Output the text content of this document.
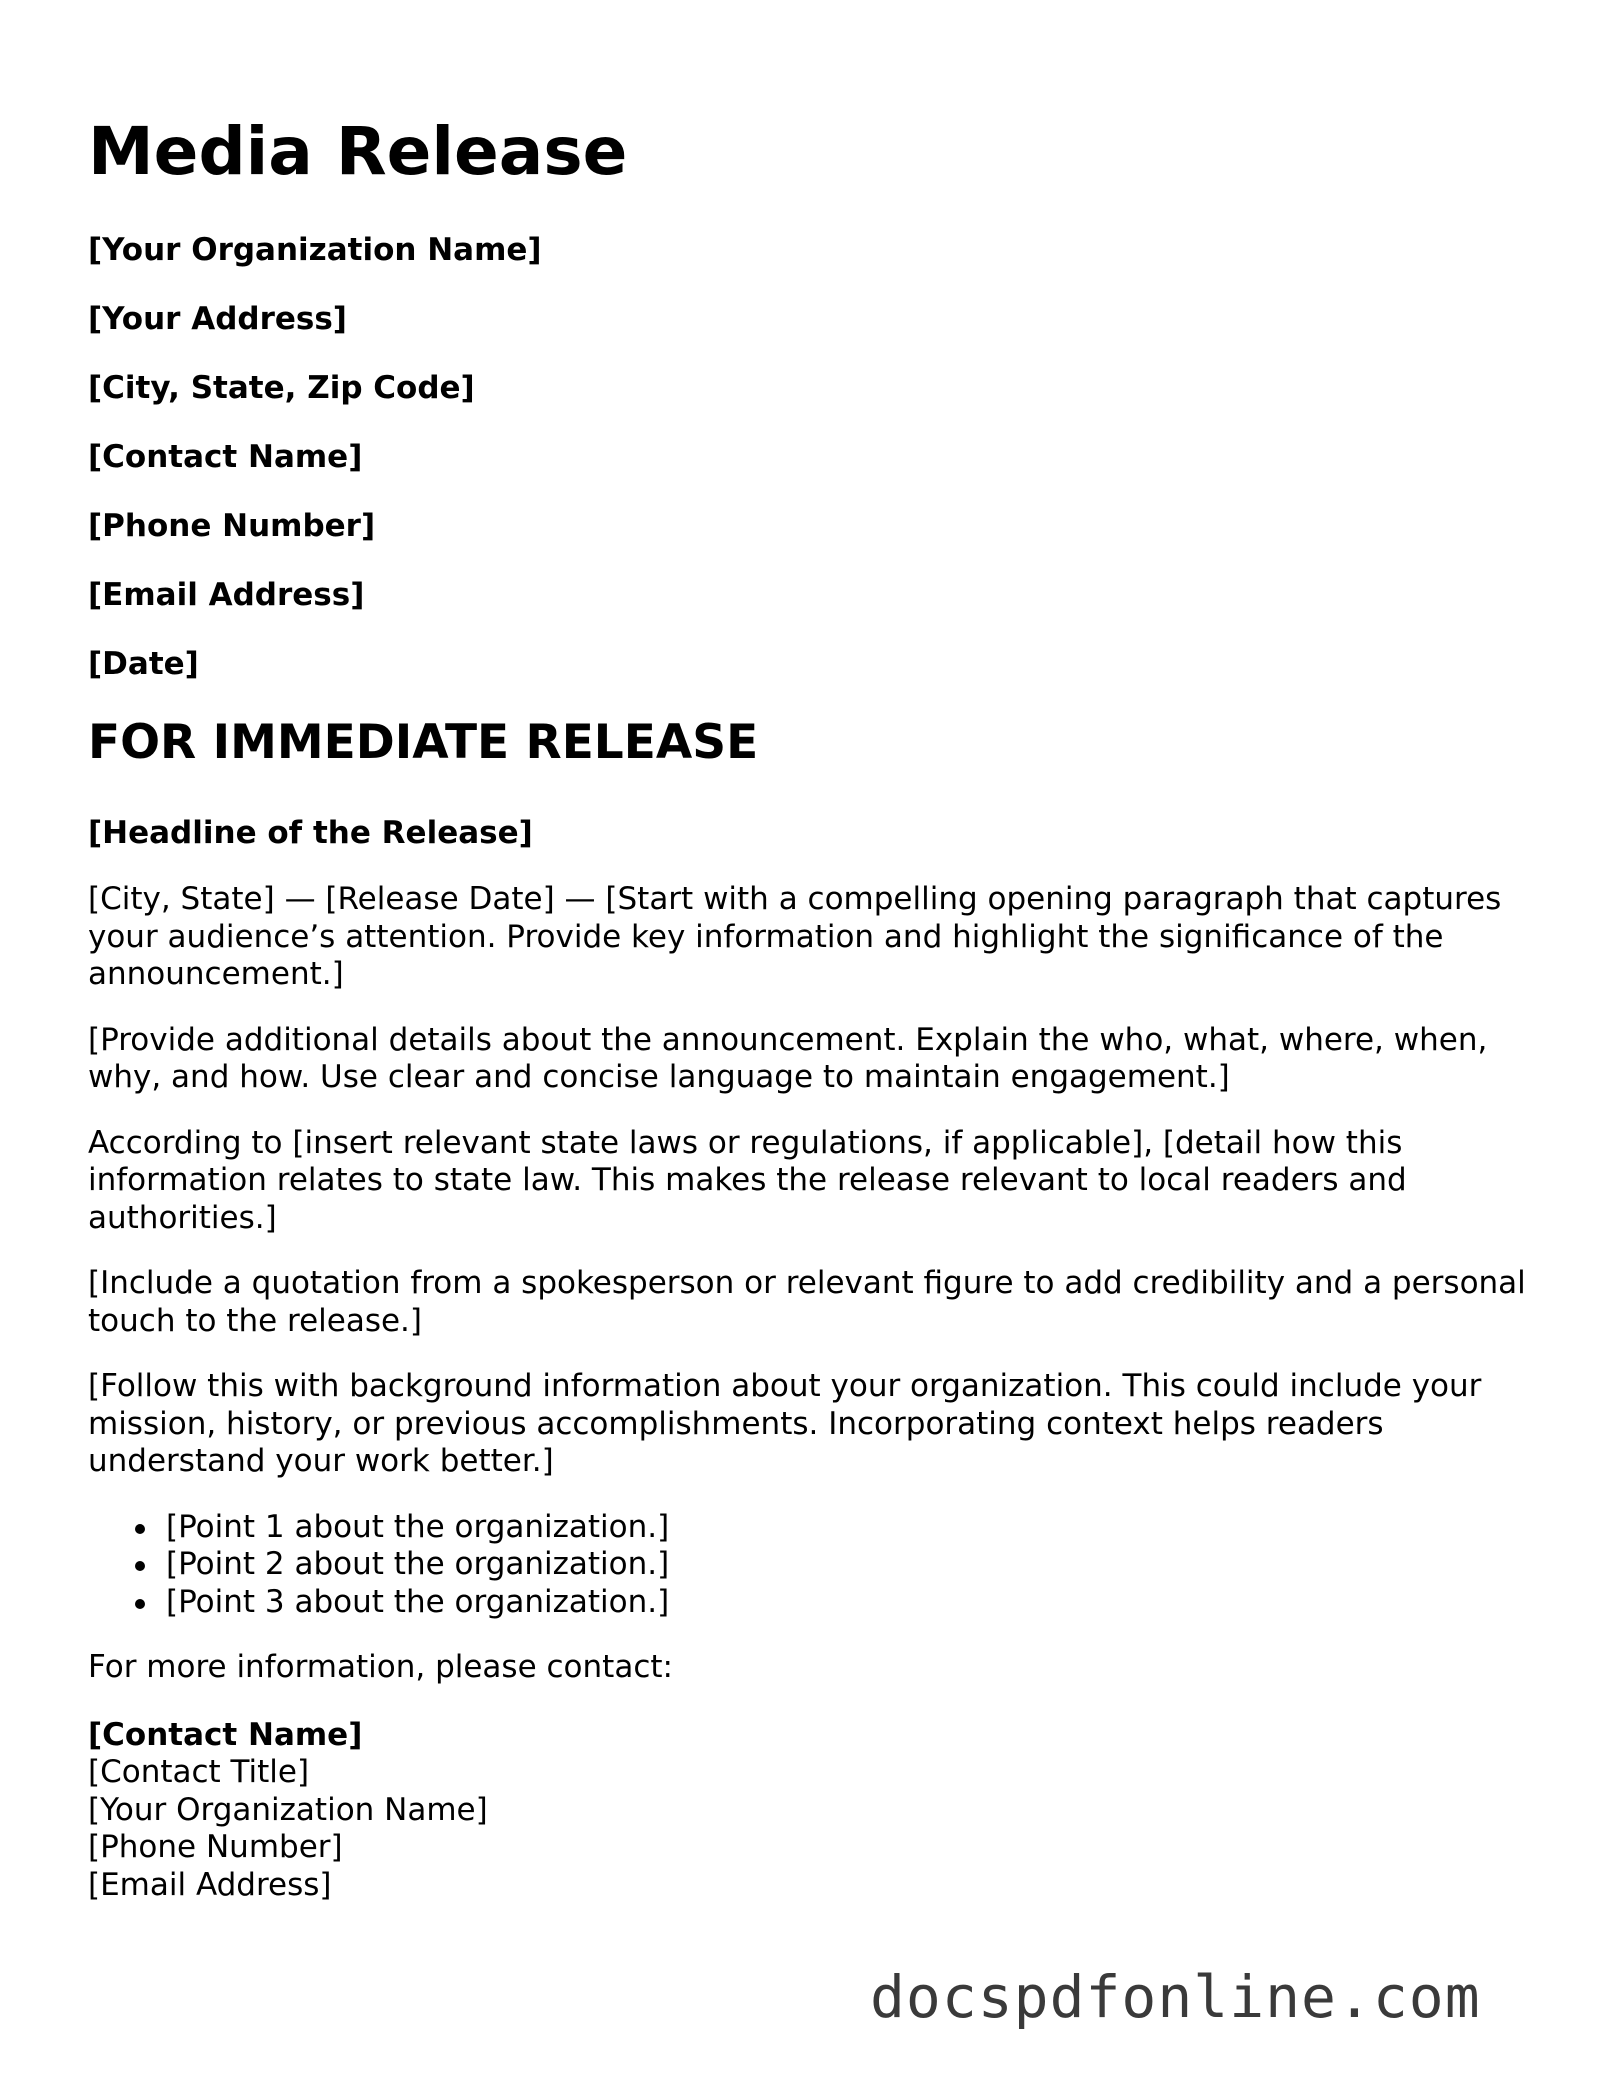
Media Release

[Your Organization Name]

[Your Address]

[City, State, Zip Code]

[Contact Name]

[Phone Number]

[Email Address]

[Date]

FOR IMMEDIATE RELEASE

[Headline of the Release]

[City, State] — [Release Date] — [Start with a compelling opening paragraph that captures your audience’s attention. Provide key information and highlight the significance of the announcement.]

[Provide additional details about the announcement. Explain the who, what, where, when, why, and how. Use clear and concise language to maintain engagement.]

According to [insert relevant state laws or regulations, if applicable], [detail how this information relates to state law. This makes the release relevant to local readers and authorities.]

[Include a quotation from a spokesperson or relevant figure to add credibility and a personal touch to the release.]

[Follow this with background information about your organization. This could include your mission, history, or previous accomplishments. Incorporating context helps readers understand your work better.]

[Point 1 about the organization.]
[Point 2 about the organization.]
[Point 3 about the organization.]

For more information, please contact:

[Contact Name]
[Contact Title]
[Your Organization Name]
[Phone Number]
[Email Address]
docspdfonline.com
